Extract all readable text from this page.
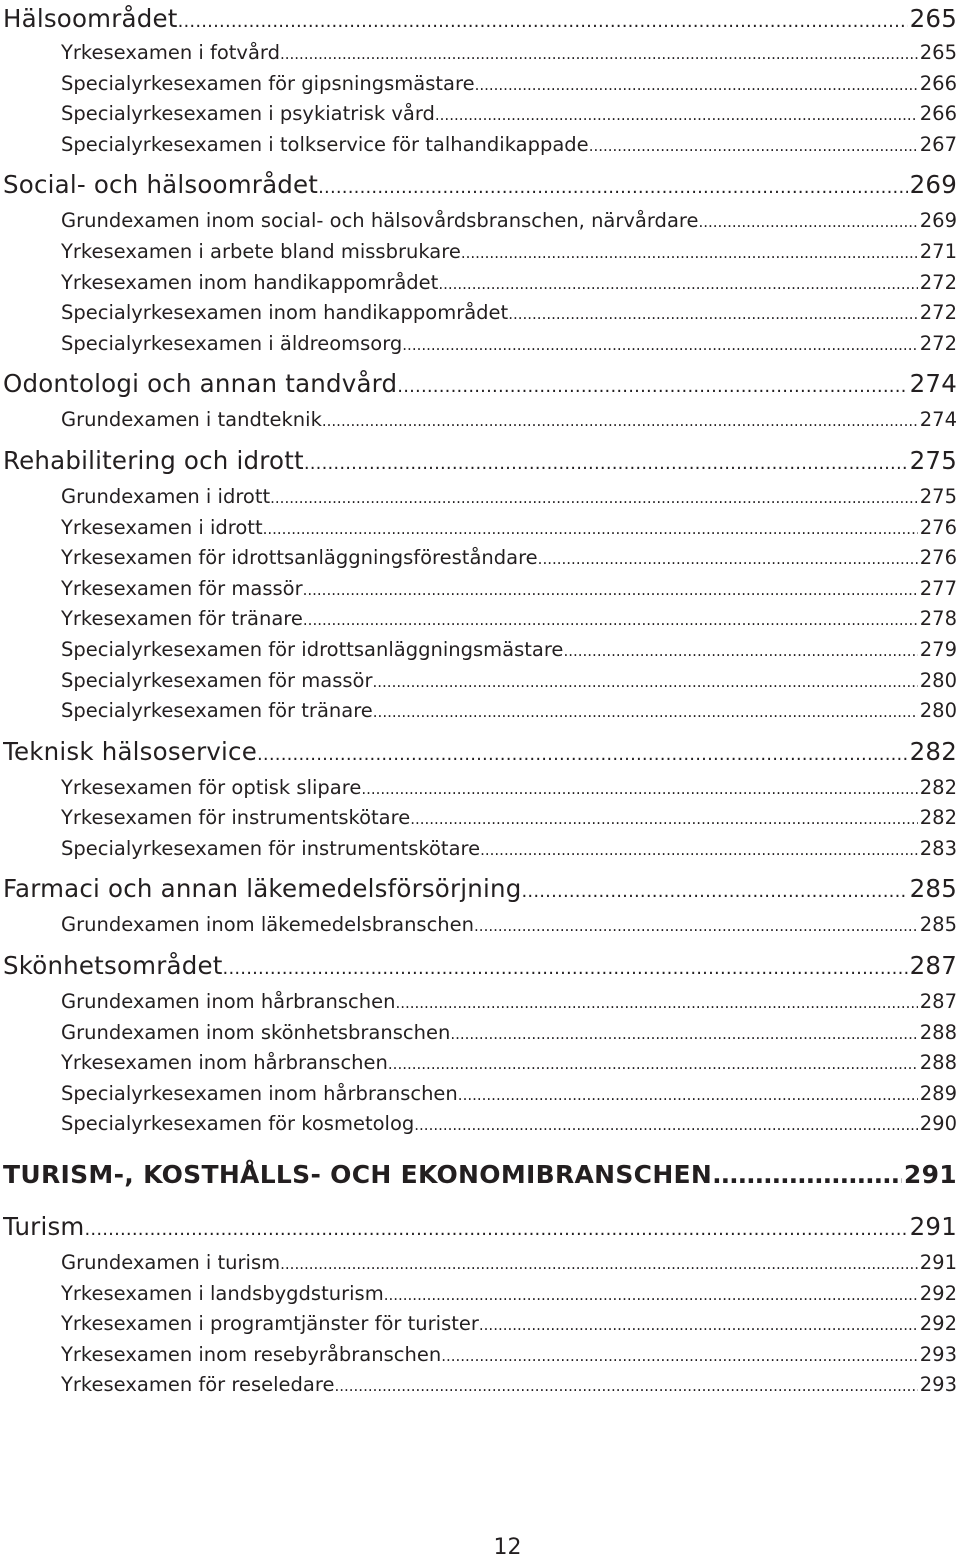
Hälsoområdet .....	265
Yrkesexamen i fotvård .....	265
Specialyrkesexamen för gipsningsmästare .....	266
Specialyrkesexamen i psykiatrisk vård .....	266
Specialyrkesexamen i tolkservice för talhandikappade .....	267
Social- och hälsoområdet .....	269
Grundexamen inom social- och hälsovårdsbranschen, närvårdare .....	269
Yrkesexamen i arbete bland missbrukare .....	271
Yrkesexamen inom handikappområdet .....	272
Specialyrkesexamen inom handikappområdet .....	272
Specialyrkesexamen i äldreomsorg .....	272
Odontologi och annan tandvård .....	274
Grundexamen i tandteknik .....	274
Rehabilitering och idrott .....	275
Grundexamen i idrott .....	275
Yrkesexamen i idrott .....	276
Yrkesexamen för idrottsanläggningsföreståndare .....	276
Yrkesexamen för massör .....	277
Yrkesexamen för tränare .....	278
Specialyrkesexamen för idrottsanläggningsmästare .....	279
Specialyrkesexamen för massör .....	280
Specialyrkesexamen för tränare .....	280
Teknisk hälsoservice .....	282
Yrkesexamen för optisk slipare .....	282
Yrkesexamen för instrumentskötare .....	282
Specialyrkesexamen för instrumentskötare .....	283
Farmaci och annan läkemedelsförsörjning .....	285
Grundexamen inom läkemedelsbranschen .....	285
Skönhetsområdet .....	287
Grundexamen inom hårbranschen .....	287
Grundexamen inom skönhetsbranschen .....	288
Yrkesexamen inom hårbranschen .....	288
Specialyrkesexamen inom hårbranschen .....	289
Specialyrkesexamen för kosmetolog .....	290
TURISM-, KOSTHÅLLS- OCH EKONOMIBRANSCHEN .....	291
Turism .....	291
Grundexamen i turism .....	291
Yrkesexamen i landsbygdsturism .....	292
Yrkesexamen i programtjänster för turister .....	292
Yrkesexamen inom resebyråbranschen .....	293
Yrkesexamen för reseledare .....	293
12
